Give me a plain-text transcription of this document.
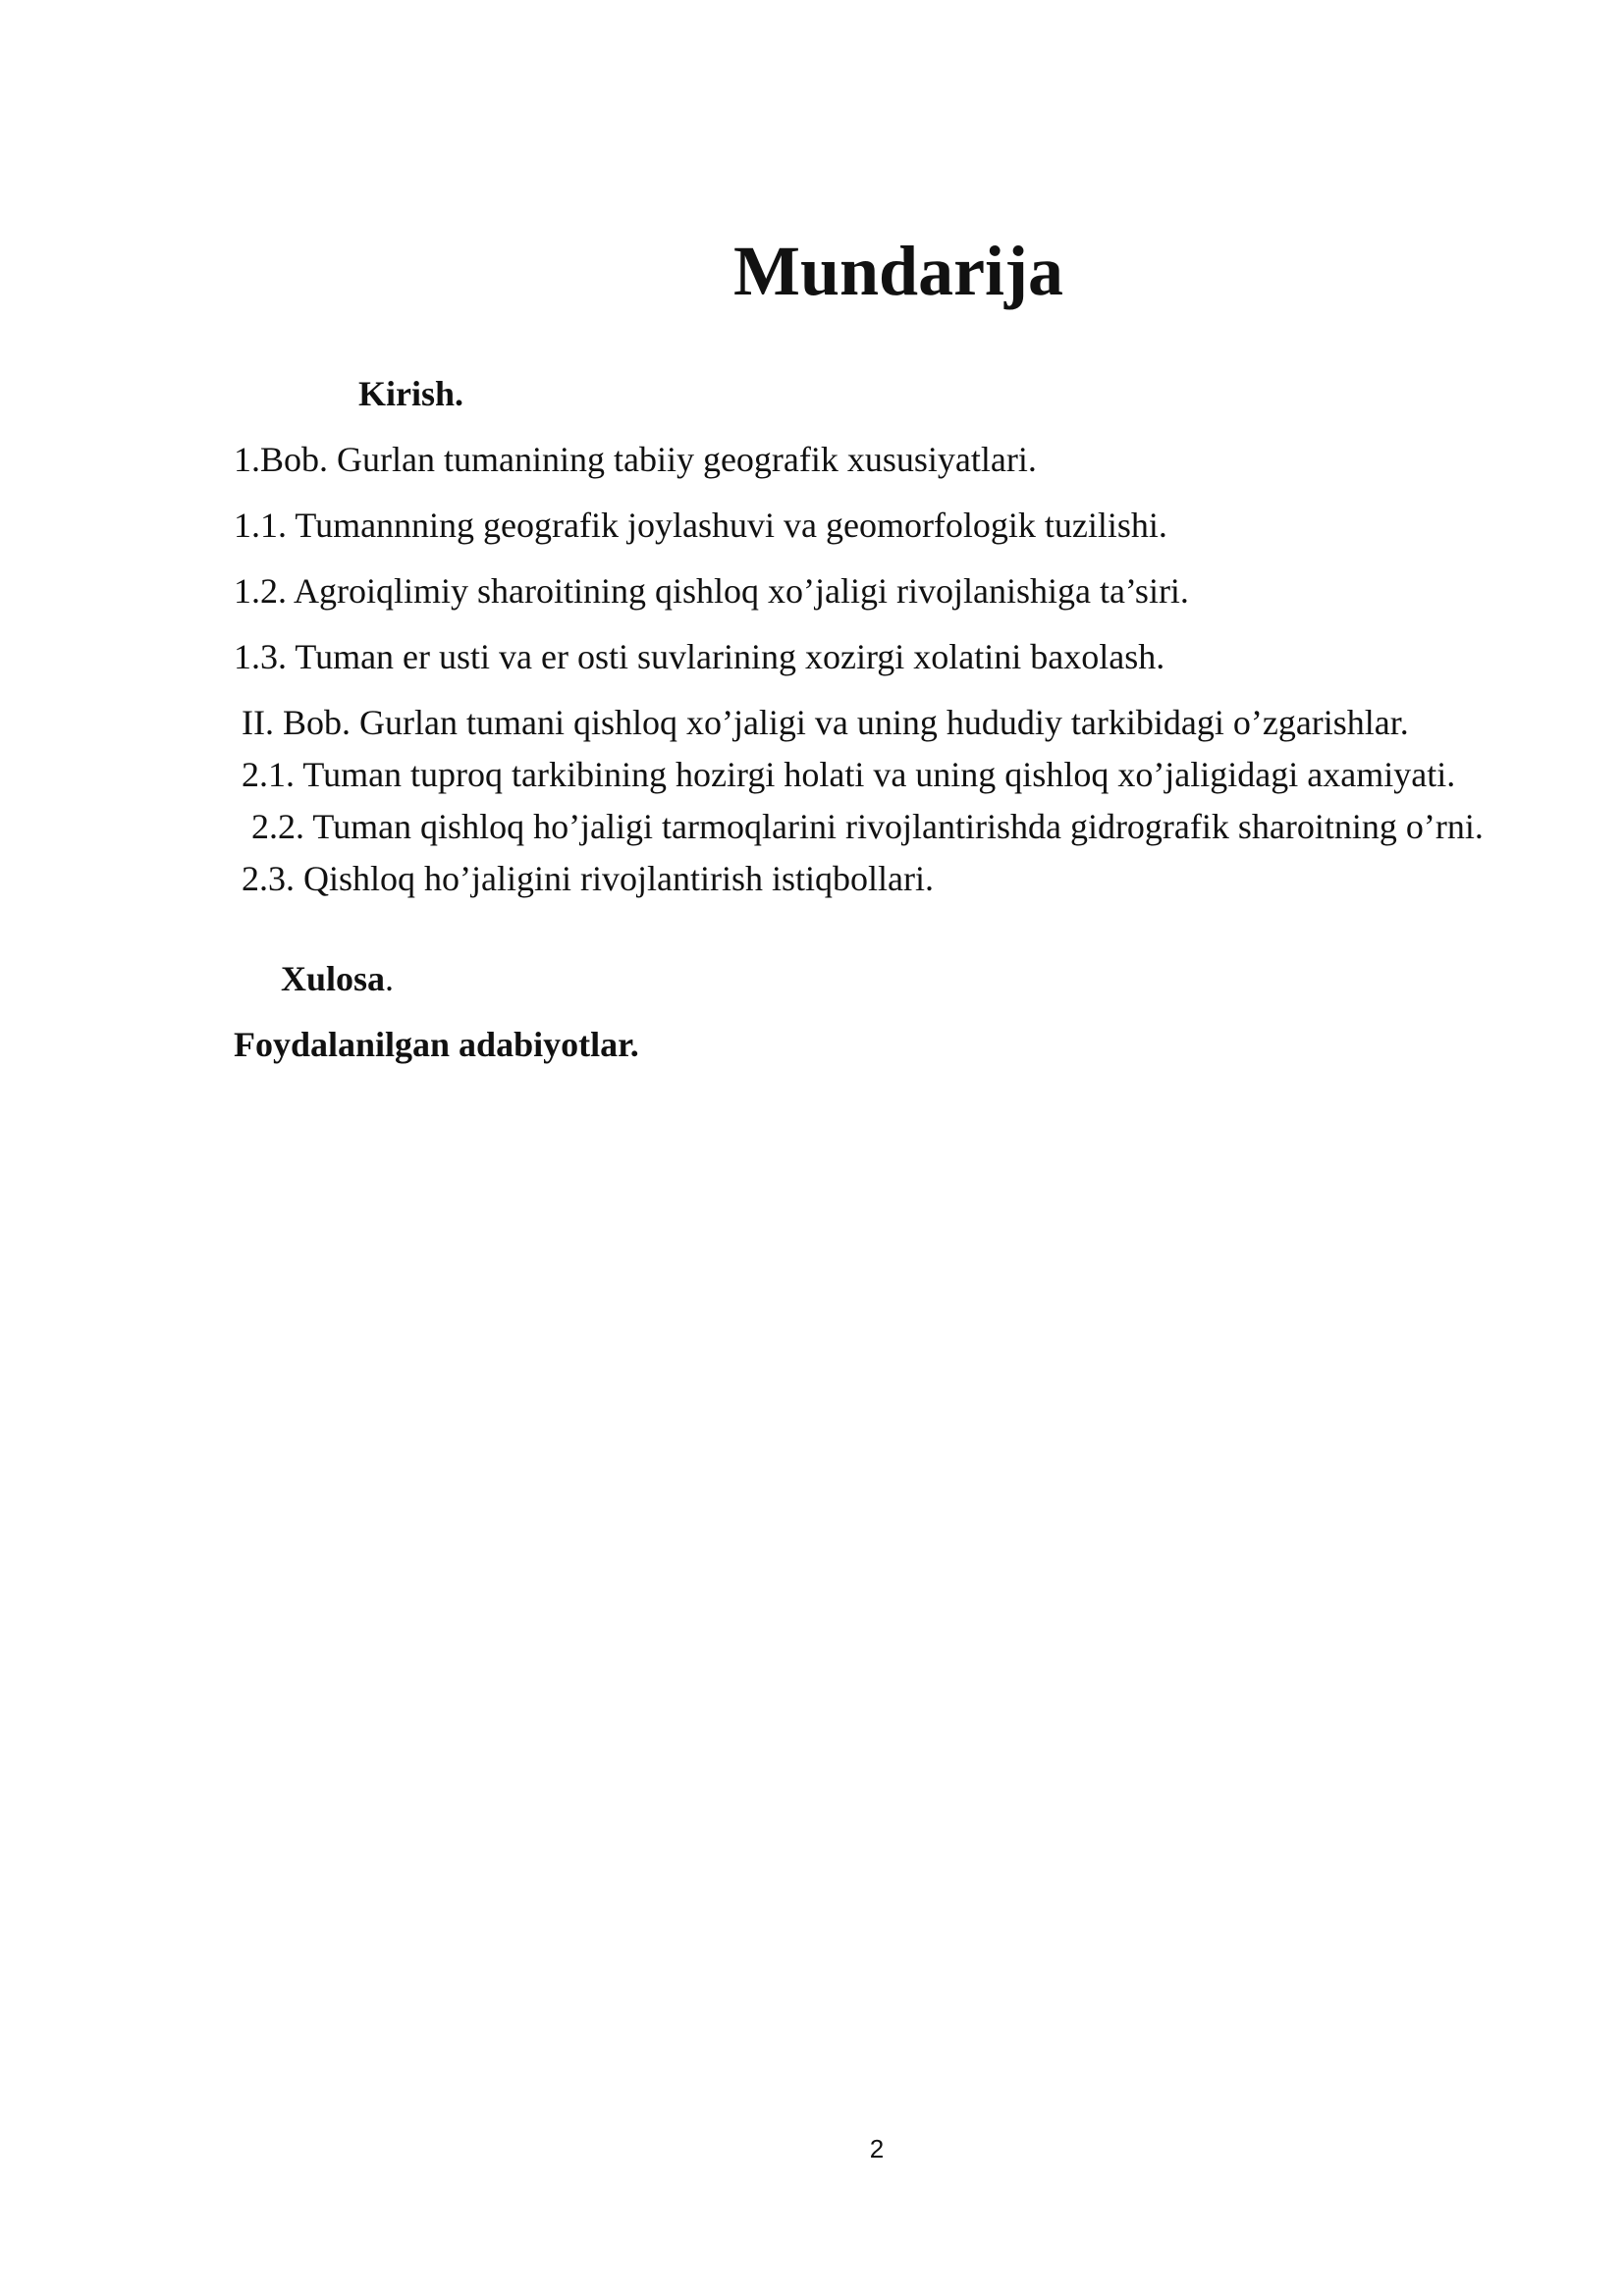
Mundarija

Kirish.

1.Bob. Gurlan tumanining tabiiy geografik xususiyatlari.

1.1. Tumannning geografik joylashuvi va geomorfologik tuzilishi.

1.2. Agroiqlimiy sharoitining qishloq xo’jaligi rivojlanishiga ta’siri.

1.3. Tuman er usti va er osti suvlarining xozirgi xolatini baxolash.

II. Bob. Gurlan tumani qishloq xo’jaligi va uning hududiy tarkibidagi o’zgarishlar.

2.1. Tuman tuproq tarkibining hozirgi holati va uning qishloq xo’jaligidagi axamiyati.

2.2. Tuman qishloq ho’jaligi tarmoqlarini rivojlantirishda gidrografik sharoitning o’rni.

2.3. Qishloq ho’jaligini rivojlantirish istiqbollari.

Xulosa.

Foydalanilgan adabiyotlar.

2
